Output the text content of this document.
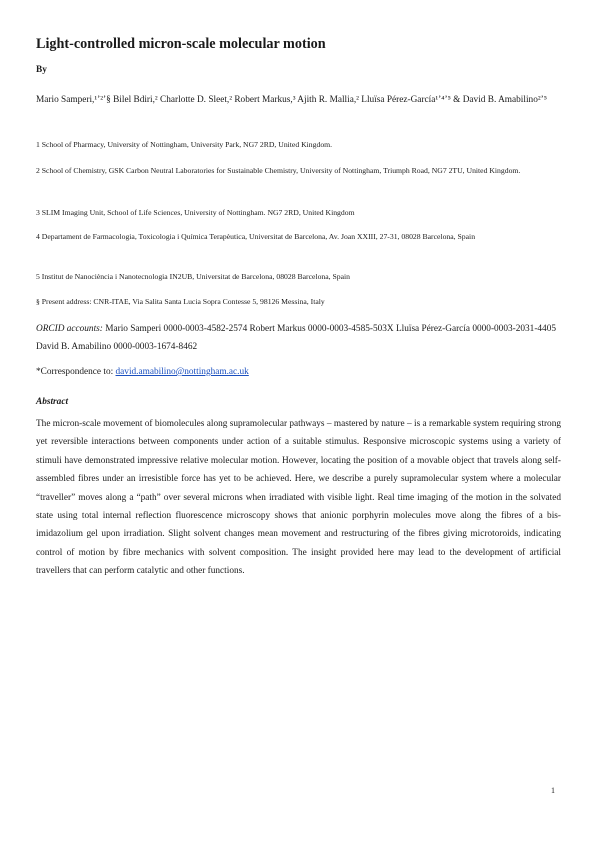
Light-controlled micron-scale molecular motion
By
Mario Samperi,¹ʼ²ʼ§ Bilel Bdiri,² Charlotte D. Sleet,² Robert Markus,³ Ajith R. Mallia,² Lluïsa Pérez-García¹ʼ⁴ʼ⁵ & David B. Amabilino²ʼ⁵
1 School of Pharmacy, University of Nottingham, University Park, NG7 2RD, United Kingdom.
2 School of Chemistry, GSK Carbon Neutral Laboratories for Sustainable Chemistry, University of Nottingham, Triumph Road, NG7 2TU, United Kingdom.
3 SLIM Imaging Unit, School of Life Sciences, University of Nottingham. NG7 2RD, United Kingdom
4 Departament de Farmacologia, Toxicologia i Química Terapèutica, Universitat de Barcelona, Av. Joan XXIII, 27-31, 08028 Barcelona, Spain
5 Institut de Nanociència i Nanotecnologia IN2UB, Universitat de Barcelona, 08028 Barcelona, Spain
§ Present address: CNR-ITAE, Via Salita Santa Lucia Sopra Contesse 5, 98126 Messina, Italy
ORCID accounts: Mario Samperi 0000-0003-4582-2574 Robert Markus 0000-0003-4585-503X Lluïsa Pérez-García 0000-0003-2031-4405 David B. Amabilino 0000-0003-1674-8462
*Correspondence to: david.amabilino@nottingham.ac.uk
Abstract
The micron-scale movement of biomolecules along supramolecular pathways – mastered by nature – is a remarkable system requiring strong yet reversible interactions between components under action of a suitable stimulus. Responsive microscopic systems using a variety of stimuli have demonstrated impressive relative molecular motion. However, locating the position of a movable object that travels along self-assembled fibres under an irresistible force has yet to be achieved. Here, we describe a purely supramolecular system where a molecular “traveller” moves along a “path” over several microns when irradiated with visible light. Real time imaging of the motion in the solvated state using total internal reflection fluorescence microscopy shows that anionic porphyrin molecules move along the fibres of a bis-imidazolium gel upon irradiation. Slight solvent changes mean movement and restructuring of the fibres giving microtoroids, indicating control of motion by fibre mechanics with solvent composition. The insight provided here may lead to the development of artificial travellers that can perform catalytic and other functions.
1
